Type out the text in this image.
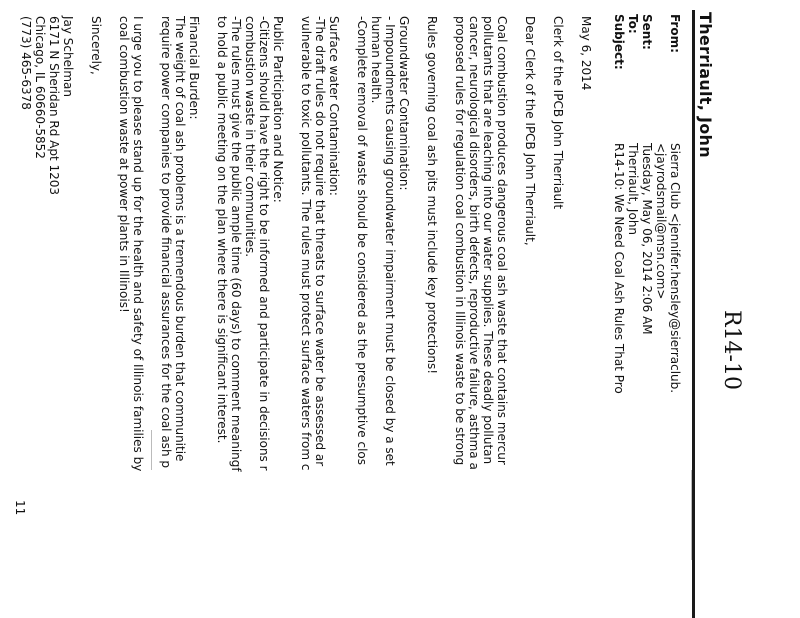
R14-10
Therriault, John
From:
Sierra Club <jennifer.hensley@sierraclub.
<jayrodsmail@msn.com>
Sent:
Tuesday, May 06, 2014 2:06 AM
To:
Therriault, John
Subject:
R14-10: We Need Coal Ash Rules That Pro
May 6, 2014
Clerk of the IPCB John Therriault
Dear Clerk of the IPCB John Therriault,
Coal combustion produces dangerous coal ash waste that contains mercur
pollutants that are leaching into our water supplies. These deadly pollutan
cancer, neurological disorders, birth defects, reproductive failure, asthma a
proposed rules for regulation coal combustion in Illinois waste to be strong
Rules governing coal ash pits must include key protections!
Groundwater Contamination:
- Impoundments causing groundwater impairment must be closed by a set
human health.
-Complete removal of waste should be considered as the presumptive clos
Surface water Contamination:
-The draft rules do not require that threats to surface water be assessed ar
vulnerable to toxic pollutants. The rules must protect surface waters from c
Public Participation and Notice:
-Citizens should have the right to be informed and participate in decisions r
combustion waste in their communities.
-The rules must give the public ample time (60 days) to comment meaningf
to hold a public meeting on the plan where there is significant interest.
Financial Burden:
The weight of coal ash problems is a tremendous burden that communitie
require power companies to provide financial assurances for the coal ash p
I urge you to please stand up for the health and safety of Illinois families by
coal combustion waste at power plants in Illinois!
Sincerely,
Jay Schelman
6171 N Sheridan Rd Apt 1203
Chicago, IL 60660-5852
(773) 465-6378
11
